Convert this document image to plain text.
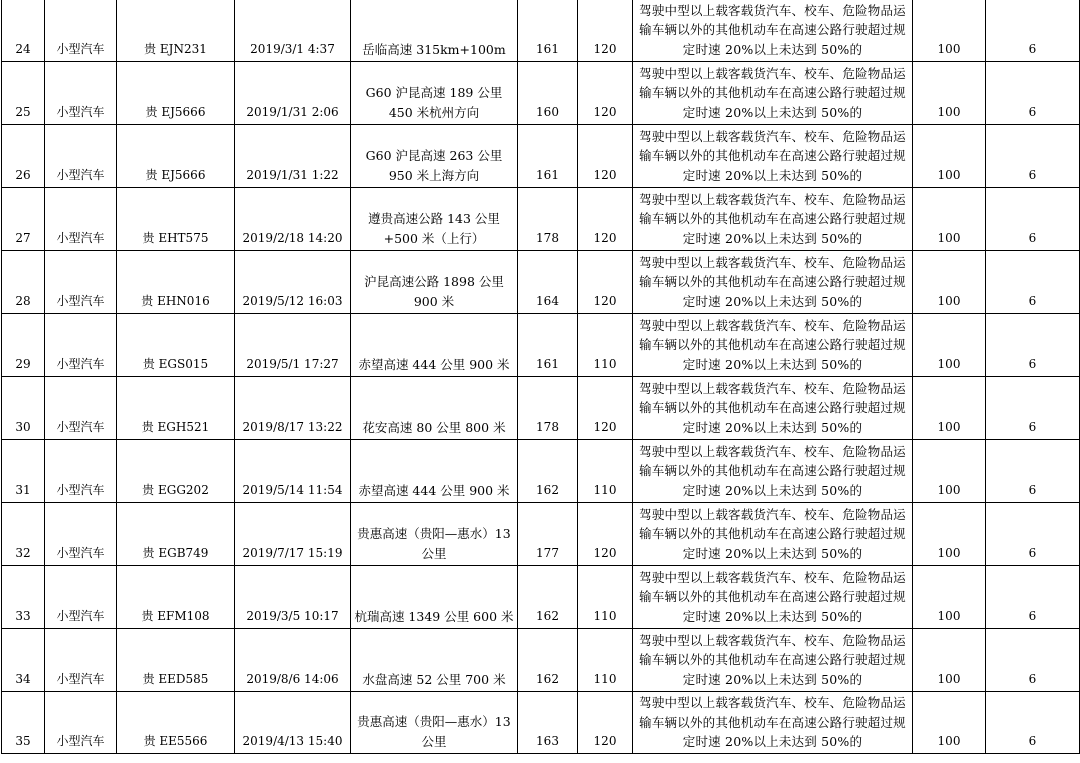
24	小型汽车	贵 EJN231	2019/3/1 4:37	岳临高速 315km+100m	161	120	驾驶中型以上载客载货汽车、校车、危险物品运输车辆以外的其他机动车在高速公路行驶超过规定时速 20%以上未达到 50%的	100	6
25	小型汽车	贵 EJ5666	2019/1/31 2:06	G60 沪昆高速 189 公里 450 米杭州方向	160	120	驾驶中型以上载客载货汽车、校车、危险物品运输车辆以外的其他机动车在高速公路行驶超过规定时速 20%以上未达到 50%的	100	6
26	小型汽车	贵 EJ5666	2019/1/31 1:22	G60 沪昆高速 263 公里 950 米上海方向	161	120	驾驶中型以上载客载货汽车、校车、危险物品运输车辆以外的其他机动车在高速公路行驶超过规定时速 20%以上未达到 50%的	100	6
27	小型汽车	贵 EHT575	2019/2/18 14:20	遵贵高速公路 143 公里+500 米（上行）	178	120	驾驶中型以上载客载货汽车、校车、危险物品运输车辆以外的其他机动车在高速公路行驶超过规定时速 20%以上未达到 50%的	100	6
28	小型汽车	贵 EHN016	2019/5/12 16:03	沪昆高速公路 1898 公里 900 米	164	120	驾驶中型以上载客载货汽车、校车、危险物品运输车辆以外的其他机动车在高速公路行驶超过规定时速 20%以上未达到 50%的	100	6
29	小型汽车	贵 EGS015	2019/5/1 17:27	赤望高速 444 公里 900 米	161	110	驾驶中型以上载客载货汽车、校车、危险物品运输车辆以外的其他机动车在高速公路行驶超过规定时速 20%以上未达到 50%的	100	6
30	小型汽车	贵 EGH521	2019/8/17 13:22	花安高速 80 公里 800 米	178	120	驾驶中型以上载客载货汽车、校车、危险物品运输车辆以外的其他机动车在高速公路行驶超过规定时速 20%以上未达到 50%的	100	6
31	小型汽车	贵 EGG202	2019/5/14 11:54	赤望高速 444 公里 900 米	162	110	驾驶中型以上载客载货汽车、校车、危险物品运输车辆以外的其他机动车在高速公路行驶超过规定时速 20%以上未达到 50%的	100	6
32	小型汽车	贵 EGB749	2019/7/17 15:19	贵惠高速（贵阳—惠水）13 公里	177	120	驾驶中型以上载客载货汽车、校车、危险物品运输车辆以外的其他机动车在高速公路行驶超过规定时速 20%以上未达到 50%的	100	6
33	小型汽车	贵 EFM108	2019/3/5 10:17	杭瑞高速 1349 公里 600 米	162	110	驾驶中型以上载客载货汽车、校车、危险物品运输车辆以外的其他机动车在高速公路行驶超过规定时速 20%以上未达到 50%的	100	6
34	小型汽车	贵 EED585	2019/8/6 14:06	水盘高速 52 公里 700 米	162	110	驾驶中型以上载客载货汽车、校车、危险物品运输车辆以外的其他机动车在高速公路行驶超过规定时速 20%以上未达到 50%的	100	6
35	小型汽车	贵 EE5566	2019/4/13 15:40	贵惠高速（贵阳—惠水）13 公里	163	120	驾驶中型以上载客载货汽车、校车、危险物品运输车辆以外的其他机动车在高速公路行驶超过规定时速 20%以上未达到 50%的	100	6
